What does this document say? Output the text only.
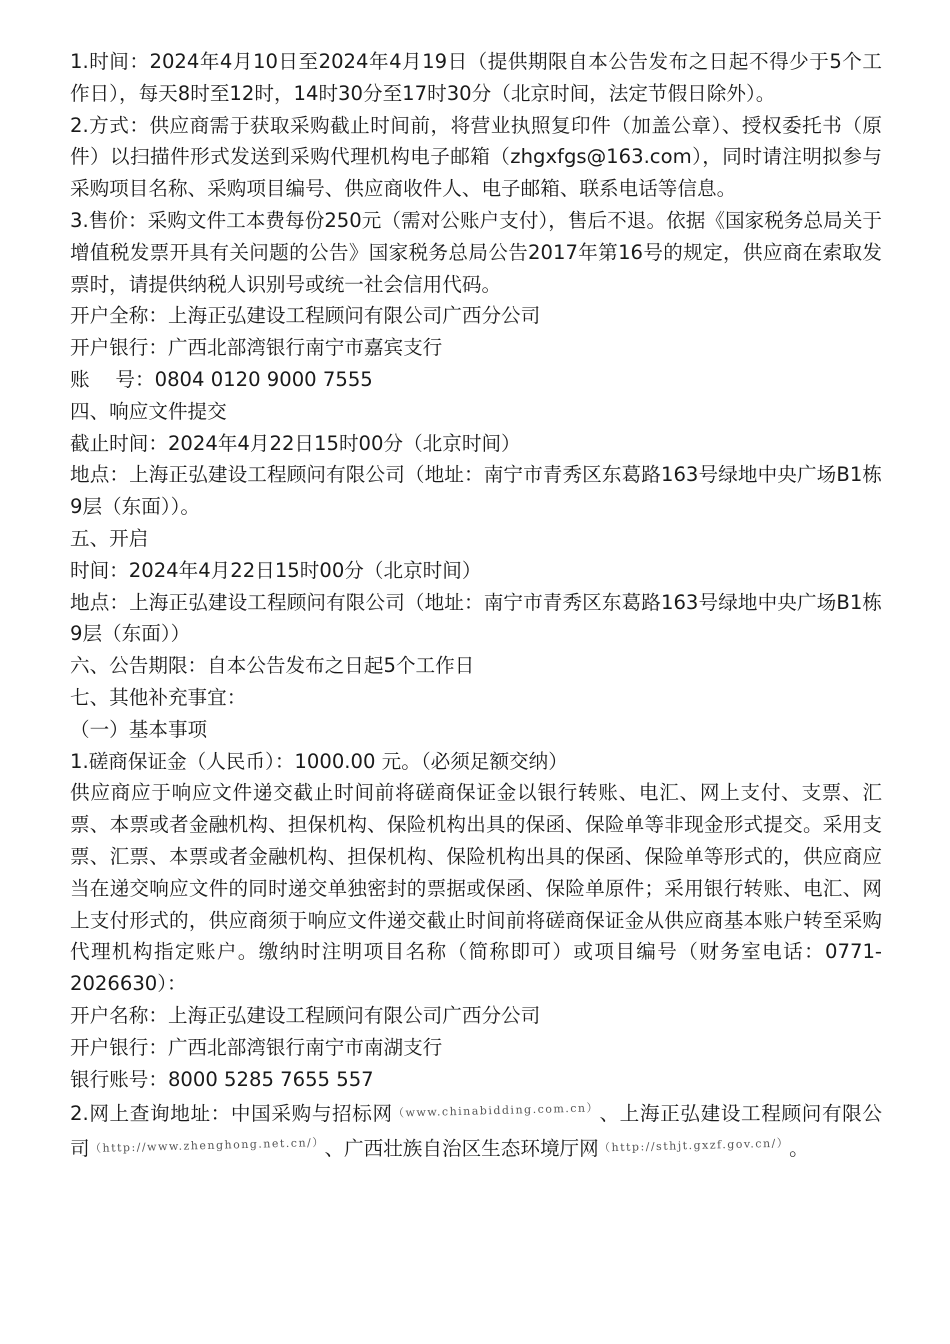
1.时间：2024年4月10日至2024年4月19日（提供期限自本公告发布之日起不得少于5个工作日），每天8时至12时，14时30分至17时30分（北京时间，法定节假日除外）。

2.方式：供应商需于获取采购截止时间前，将营业执照复印件（加盖公章）、授权委托书（原件）以扫描件形式发送到采购代理机构电子邮箱（zhgxfgs@163.com），同时请注明拟参与采购项目名称、采购项目编号、供应商收件人、电子邮箱、联系电话等信息。

3.售价：采购文件工本费每份250元（需对公账户支付），售后不退。依据《国家税务总局关于增值税发票开具有关问题的公告》国家税务总局公告2017年第16号的规定，供应商在索取发票时，请提供纳税人识别号或统一社会信用代码。

开户全称：上海正弘建设工程顾问有限公司广西分公司

开户银行：广西北部湾银行南宁市嘉宾支行

账　 号：0804 0120 9000 7555

四、响应文件提交

截止时间：2024年4月22日15时00分（北京时间）

地点：上海正弘建设工程顾问有限公司（地址：南宁市青秀区东葛路163号绿地中央广场B1栋9层（东面））。

五、开启

时间：2024年4月22日15时00分（北京时间）

地点：上海正弘建设工程顾问有限公司（地址：南宁市青秀区东葛路163号绿地中央广场B1栋9层（东面））

六、公告期限：自本公告发布之日起5个工作日

七、其他补充事宜：

（一）基本事项

1.磋商保证金（人民币）：1000.00 元。（必须足额交纳）

供应商应于响应文件递交截止时间前将磋商保证金以银行转账、电汇、网上支付、支票、汇票、本票或者金融机构、担保机构、保险机构出具的保函、保险单等非现金形式提交。采用支票、汇票、本票或者金融机构、担保机构、保险机构出具的保函、保险单等形式的，供应商应当在递交响应文件的同时递交单独密封的票据或保函、保险单原件；采用银行转账、电汇、网上支付形式的，供应商须于响应文件递交截止时间前将磋商保证金从供应商基本账户转至采购代理机构指定账户。缴纳时注明项目名称（简称即可）或项目编号（财务室电话：0771-2026630）：

开户名称：上海正弘建设工程顾问有限公司广西分公司

开户银行：广西北部湾银行南宁市南湖支行

银行账号：8000 5285 7655 557

2.网上查询地址：中国采购与招标网（www.chinabidding.com.cn）、上海正弘建设工程顾问有限公司（http://www.zhenghong.net.cn/）、广西壮族自治区生态环境厅网（http://sthjt.gxzf.gov.cn/）。
